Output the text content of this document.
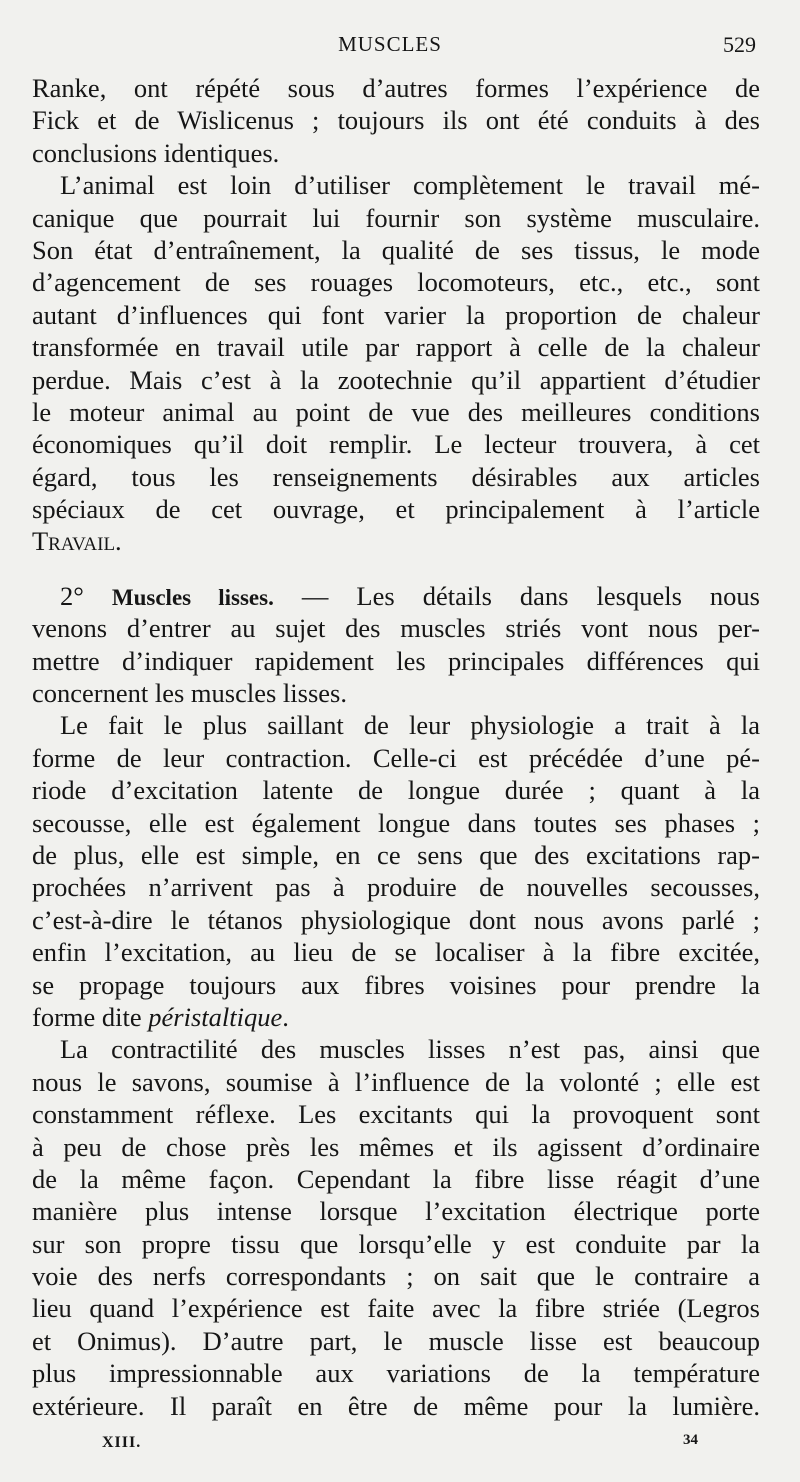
MUSCLES	529
Ranke, ont répété sous d’autres formes l’expérience de
Fick et de Wislicenus ; toujours ils ont été conduits à des
conclusions identiques.
L’animal est loin d’utiliser complètement le travail mé-
canique que pourrait lui fournir son système musculaire.
Son état d’entraînement, la qualité de ses tissus, le mode
d’agencement de ses rouages locomoteurs, etc., etc., sont
autant d’influences qui font varier la proportion de chaleur
transformée en travail utile par rapport à celle de la chaleur
perdue. Mais c’est à la zootechnie qu’il appartient d’étudier
le moteur animal au point de vue des meilleures conditions
économiques qu’il doit remplir. Le lecteur trouvera, à cet
égard, tous les renseignements désirables aux articles
spéciaux de cet ouvrage, et principalement à l’article
Travail.
2° Muscles lisses. — Les détails dans lesquels nous
venons d’entrer au sujet des muscles striés vont nous per-
mettre d’indiquer rapidement les principales différences qui
concernent les muscles lisses.
Le fait le plus saillant de leur physiologie a trait à la
forme de leur contraction. Celle-ci est précédée d’une pé-
riode d’excitation latente de longue durée ; quant à la
secousse, elle est également longue dans toutes ses phases ;
de plus, elle est simple, en ce sens que des excitations rap-
prochées n’arrivent pas à produire de nouvelles secousses,
c’est-à-dire le tétanos physiologique dont nous avons parlé ;
enfin l’excitation, au lieu de se localiser à la fibre excitée,
se propage toujours aux fibres voisines pour prendre la
forme dite péristaltique.
La contractilité des muscles lisses n’est pas, ainsi que
nous le savons, soumise à l’influence de la volonté ; elle est
constamment réflexe. Les excitants qui la provoquent sont
à peu de chose près les mêmes et ils agissent d’ordinaire
de la même façon. Cependant la fibre lisse réagit d’une
manière plus intense lorsque l’excitation électrique porte
sur son propre tissu que lorsqu’elle y est conduite par la
voie des nerfs correspondants ; on sait que le contraire a
lieu quand l’expérience est faite avec la fibre striée (Legros
et Onimus). D’autre part, le muscle lisse est beaucoup
plus impressionnable aux variations de la température
extérieure. Il paraît en être de même pour la lumière.
XIII.	34
